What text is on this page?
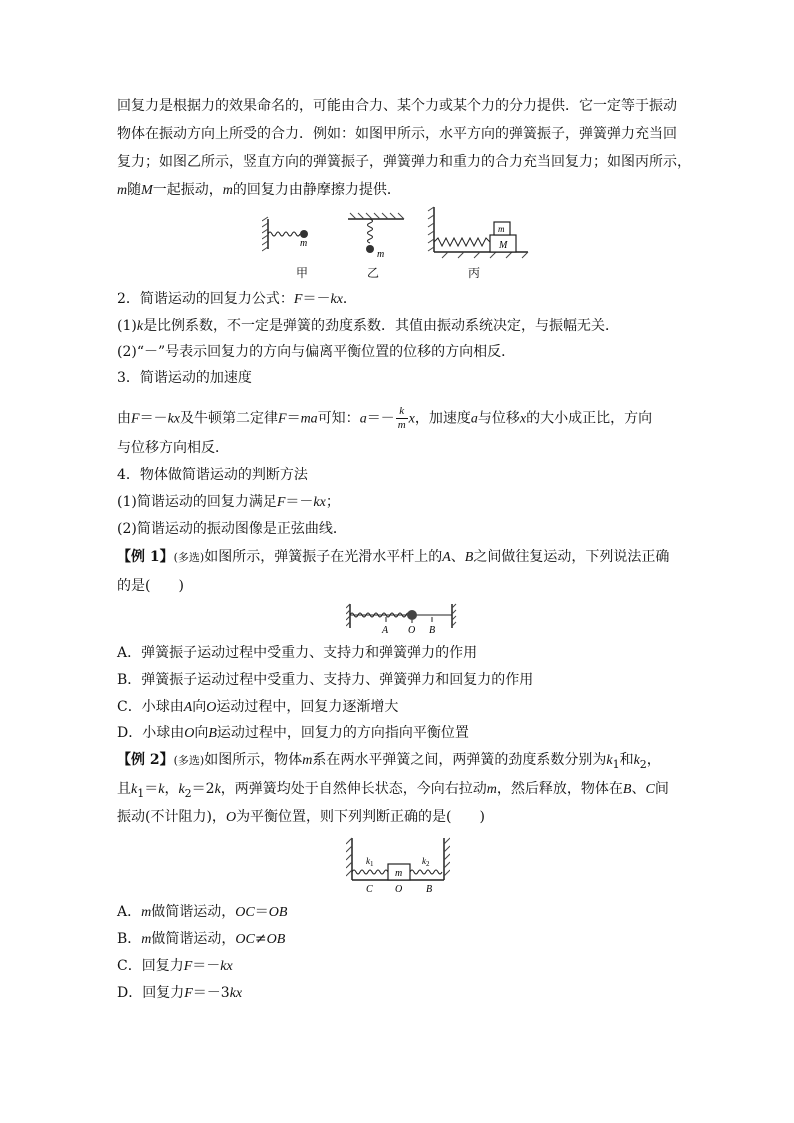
回复力是根据力的效果命名的，可能由合力、某个力或某个力的分力提供．它一定等于振动
物体在振动方向上所受的合力．例如：如图甲所示，水平方向的弹簧振子，弹簧弹力充当回
复力；如图乙所示，竖直方向的弹簧振子，弹簧弹力和重力的合力充当回复力；如图丙所示，
m随M一起振动，m的回复力由静摩擦力提供．
m
m
m
M
甲	乙	丙
2．简谐运动的回复力公式：F＝－kx．
(1)k是比例系数，不一定是弹簧的劲度系数．其值由振动系统决定，与振幅无关．
(2)“－”号表示回复力的方向与偏离平衡位置的位移的方向相反．
3．简谐运动的加速度
由F＝－kx及牛顿第二定律F＝ma可知：$a=- \frac{k}{m}$ x，加速度a与位移x的大小成正比，方向
与位移方向相反．
4．物体做简谐运动的判断方法
(1)简谐运动的回复力满足F＝－kx；
(2)简谐运动的振动图像是正弦曲线．
【例 1】(多选)如图所示，弹簧振子在光滑水平杆上的A、B之间做往复运动，下列说法正确
的是(　　)
A O B
A．弹簧振子运动过程中受重力、支持力和弹簧弹力的作用
B．弹簧振子运动过程中受重力、支持力、弹簧弹力和回复力的作用
C．小球由A向O运动过程中，回复力逐渐增大
D．小球由O向B运动过程中，回复力的方向指向平衡位置
【例 2】(多选)如图所示，物体m系在两水平弹簧之间，两弹簧的劲度系数分别为$k_1$和$k_2$，
且$k_1=k$，$k_2=2k$，两弹簧均处于自然伸长状态，今向右拉动m，然后释放，物体在B、C间
振动(不计阻力)，O为平衡位置，则下列判断正确的是(　　)
$k_1$	$k_2$
m
C O B
A．m做简谐运动，OC＝OB
B．m做简谐运动，OC≠OB
C．回复力F＝－kx
D．回复力F＝－3kx
